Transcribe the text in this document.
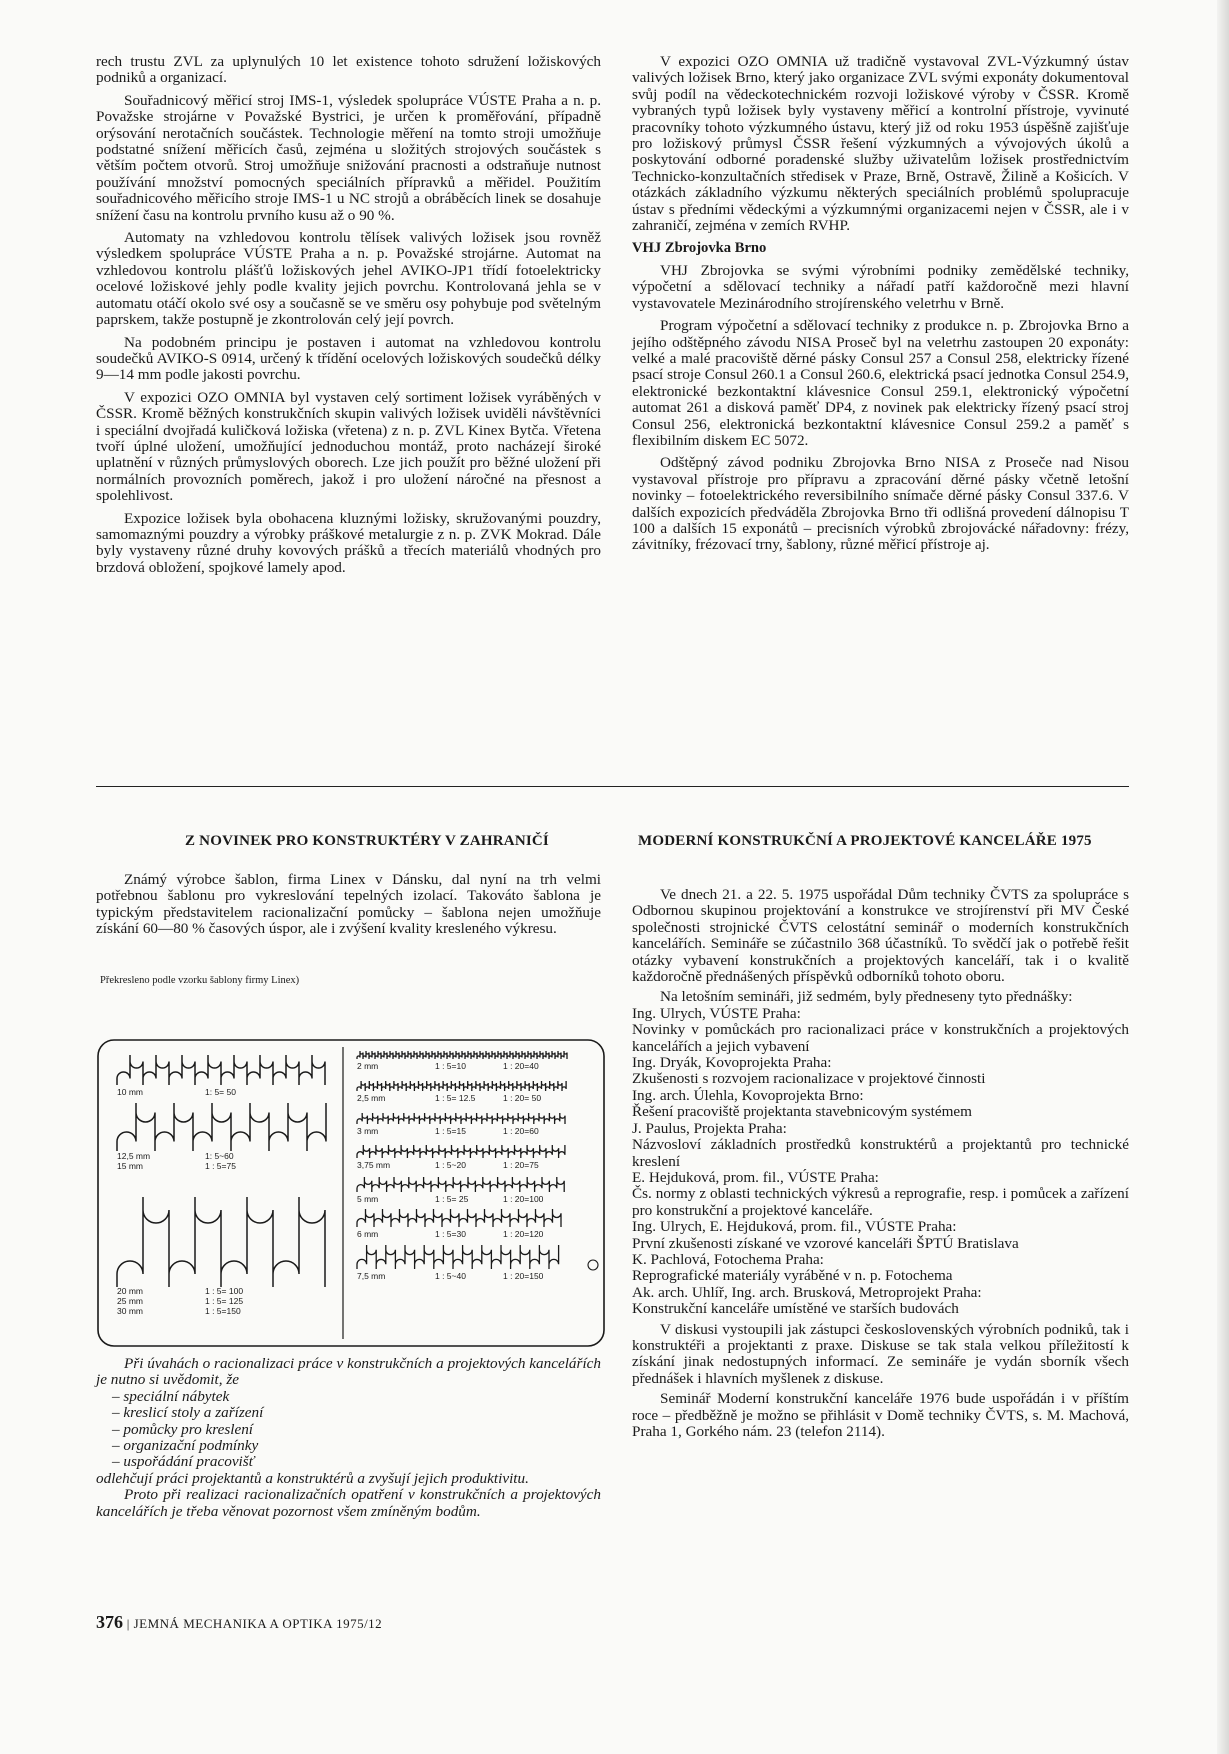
rech trustu ZVL za uplynulých 10 let existence tohoto sdružení ložiskových podniků a organizací.

Souřadnicový měřicí stroj IMS-1, výsledek spolupráce VÚSTE Praha a n. p. Považske strojárne v Považské Bystrici, je určen k proměřování, případně orýsování nerotačních součástek. Technologie měření na tomto stroji umožňuje podstatné snížení měřicích časů, zejména u složitých strojových součástek s větším počtem otvorů. Stroj umožňuje snižování pracnosti a odstraňuje nutnost používání množství pomocných speciálních přípravků a měřidel. Použitím souřadnicového měřicího stroje IMS-1 u NC strojů a obráběcích linek se dosahuje snížení času na kontrolu prvního kusu až o 90 %.

Automaty na vzhledovou kontrolu tělísek valivých ložisek jsou rovněž výsledkem spolupráce VÚSTE Praha a n. p. Považské strojárne. Automat na vzhledovou kontrolu plášťů ložiskových jehel AVIKO-JP1 třídí fotoelektricky ocelové ložiskové jehly podle kvality jejich povrchu. Kontrolovaná jehla se v automatu otáčí okolo své osy a současně se ve směru osy pohybuje pod světelným paprskem, takže postupně je zkontrolován celý její povrch.

Na podobném principu je postaven i automat na vzhledovou kontrolu soudečků AVIKO-S 0914, určený k třídění ocelových ložiskových soudečků délky 9—14 mm podle jakosti povrchu.

V expozici OZO OMNIA byl vystaven celý sortiment ložisek vyráběných v ČSSR. Kromě běžných konstrukčních skupin valivých ložisek uviděli návštěvníci i speciální dvojřadá kuličková ložiska (vřetena) z n. p. ZVL Kinex Bytča. Vřetena tvoří úplné uložení, umožňující jednoduchou montáž, proto nacházejí široké uplatnění v různých průmyslových oborech. Lze jich použít pro běžné uložení při normálních provozních poměrech, jakož i pro uložení náročné na přesnost a spolehlivost.

Expozice ložisek byla obohacena kluznými ložisky, skružovanými pouzdry, samomaznými pouzdry a výrobky práškové metalurgie z n. p. ZVK Mokrad. Dále byly vystaveny různé druhy kovových prášků a třecích materiálů vhodných pro brzdová obložení, spojkové lamely apod.

V expozici OZO OMNIA už tradičně vystavoval ZVL-Výzkumný ústav valivých ložisek Brno, který jako organizace ZVL svými exponáty dokumentoval svůj podíl na vědeckotechnickém rozvoji ložiskové výroby v ČSSR. Kromě vybraných typů ložisek byly vystaveny měřicí a kontrolní přístroje, vyvinuté pracovníky tohoto výzkumného ústavu, který již od roku 1953 úspěšně zajišťuje pro ložiskový průmysl ČSSR řešení výzkumných a vývojových úkolů a poskytování odborné poradenské služby uživatelům ložisek prostřednictvím Technicko-konzultačních středisek v Praze, Brně, Ostravě, Žilině a Košicích. V otázkách základního výzkumu některých speciálních problémů spolupracuje ústav s předními vědeckými a výzkumnými organizacemi nejen v ČSSR, ale i v zahraničí, zejména v zemích RVHP.

VHJ Zbrojovka Brno

VHJ Zbrojovka se svými výrobními podniky zemědělské techniky, výpočetní a sdělovací techniky a nářadí patří každoročně mezi hlavní vystavovatele Mezinárodního strojírenského veletrhu v Brně.

Program výpočetní a sdělovací techniky z produkce n. p. Zbrojovka Brno a jejího odštěpného závodu NISA Proseč byl na veletrhu zastoupen 20 exponáty: velké a malé pracoviště děrné pásky Consul 257 a Consul 258, elektricky řízené psací stroje Consul 260.1 a Consul 260.6, elektrická psací jednotka Consul 254.9, elektronické bezkontaktní klávesnice Consul 259.1, elektronický výpočetní automat 261 a disková paměť DP4, z novinek pak elektricky řízený psací stroj Consul 256, elektronická bezkontaktní klávesnice Consul 259.2 a paměť s flexibilním diskem EC 5072.

Odštěpný závod podniku Zbrojovka Brno NISA z Proseče nad Nisou vystavoval přístroje pro přípravu a zpracování děrné pásky včetně letošní novinky – fotoelektrického reversibilního snímače děrné pásky Consul 337.6. V dalších expozicích předváděla Zbrojovka Brno tři odlišná provedení dálnopisu T 100 a dalších 15 exponátů – precisních výrobků zbrojovácké nářadovny: frézy, závitníky, frézovací trny, šablony, různé měřicí přístroje aj.

Z NOVINEK PRO KONSTRUKTÉRY V ZAHRANIČÍ

Známý výrobce šablon, firma Linex v Dánsku, dal nyní na trh velmi potřebnou šablonu pro vykreslování tepelných izolací. Takováto šablona je typickým představitelem racionalizační pomůcky – šablona nejen umožňuje získání 60—80 % časových úspor, ale i zvýšení kvality kresleného výkresu.

Překresleno podle vzorku šablony firmy Linex)
10 mm	1: 5= 50
12,5 mm	1: 5~60
15 mm	1 : 5=75
20 mm	1 : 5= 100
25 mm	1 : 5= 125
30 mm	1 : 5=150
2 mm	1 : 5=10	1 : 20=40
2,5 mm	1 : 5= 12.5	1 : 20= 50
3 mm	1 : 5=15	1 : 20=60
3,75 mm	1 : 5~20	1 : 20=75
5 mm	1 : 5= 25	1 : 20=100
6 mm	1 : 5=30	1 : 20=120
7,5 mm	1 : 5~40	1 : 20=150

Při úvahách o racionalizaci práce v konstrukčních a projektových kancelářích je nutno si uvědomit, že

– speciální nábytek

– kreslicí stoly a zařízení

– pomůcky pro kreslení

– organizační podmínky

– uspořádání pracovišť

odlehčují práci projektantů a konstruktérů a zvyšují jejich produktivitu.

Proto při realizaci racionalizačních opatření v konstrukčních a projektových kancelářích je třeba věnovat pozornost všem zmíněným bodům.

MODERNÍ KONSTRUKČNÍ A PROJEKTOVÉ KANCELÁŘE 1975

Ve dnech 21. a 22. 5. 1975 uspořádal Dům techniky ČVTS za spolupráce s Odbornou skupinou projektování a konstrukce ve strojírenství při MV České společnosti strojnické ČVTS celostátní seminář o moderních konstrukčních kancelářích. Semináře se zúčastnilo 368 účastníků. To svědčí jak o potřebě řešit otázky vybavení konstrukčních a projektových kanceláří, tak i o kvalitě každoročně přednášených příspěvků odborníků tohoto oboru.

Na letošním semináři, již sedmém, byly předneseny tyto přednášky:

Ing. Ulrych, VÚSTE Praha:

Novinky v pomůckách pro racionalizaci práce v konstrukčních a projektových kancelářích a jejich vybavení

Ing. Dryák, Kovoprojekta Praha:

Zkušenosti s rozvojem racionalizace v projektové činnosti

Ing. arch. Úlehla, Kovoprojekta Brno:

Řešení pracoviště projektanta stavebnicovým systémem

J. Paulus, Projekta Praha:

Názvosloví základních prostředků konstruktérů a projektantů pro technické kreslení

E. Hejduková, prom. fil., VÚSTE Praha:

Čs. normy z oblasti technických výkresů a reprografie, resp. i pomůcek a zařízení pro konstrukční a projektové kanceláře.

Ing. Ulrych, E. Hejduková, prom. fil., VÚSTE Praha:

První zkušenosti získané ve vzorové kanceláři ŠPTÚ Bratislava

K. Pachlová, Fotochema Praha:

Reprografické materiály vyráběné v n. p. Fotochema

Ak. arch. Uhlíř, Ing. arch. Brusková, Metroprojekt Praha:

Konstrukční kanceláře umístěné ve starších budovách

V diskusi vystoupili jak zástupci československých výrobních podniků, tak i konstruktéři a projektanti z praxe. Diskuse se tak stala velkou příležitostí k získání jinak nedostupných informací. Ze semináře je vydán sborník všech přednášek i hlavních myšlenek z diskuse.

Seminář Moderní konstrukční kanceláře 1976 bude uspořádán i v příštím roce – předběžně je možno se přihlásit v Domě techniky ČVTS, s. M. Machová, Praha 1, Gorkého nám. 23 (telefon 2114).

376 | JEMNÁ MECHANIKA A OPTIKA 1975/12
